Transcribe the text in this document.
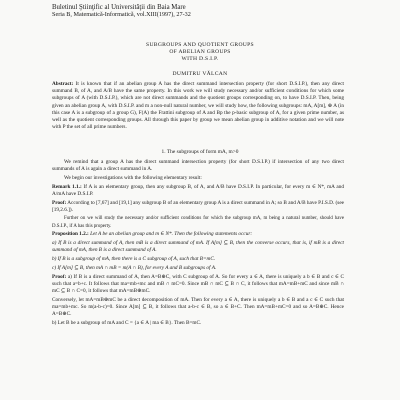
Buletinul Ştiinţific al Universităţii din Baia Mare
Seria B, Matematică-Informatică, vol.XIII(1997), 27-32
SUBGROUPS AND QUOTIENT GROUPS
OF ABELIAN GROUPS
WITH D.S.I.P.
DUMITRU VĂLCAN
Abstract: It is known that if an abelian group A has the direct summand intersection property (for short D.S.I.P.), then any direct summand B, of A, and A/B have the same property. In this work we will study necessary and/or sufficient conditions for which some subgroups of A (with D.S.I.P.), which are not direct summands and the quotient groups corresponding on, to have D.S.I.P. Then, being given an abelian group A, with D.S.I.P. and m a non-null natural number, we will study how, the following subgroups: mA, A[m], ⊕ A (in this case A is a subgroup of a group G), F(A) the Frattini subgroup of A and Bp the p-basic subgroup of A, for a given prime number, as well as the quotient corresponding groups. All through this paper by group we mean abelian group in additive notation and we will note with P the set of all prime numbers.
1. The subgroups of form mA, m>0

We remind that a group A has the direct summand intersection property (for short D.S.I.P.) if intersection of any two direct summands of A is again a direct summand in A.

We begin our investigations with the following elementary result:

Remark 1.1.: If A is an elementary group, then any subgroup B, of A, and A/B have D.S.I.P. In particular, for every m ∈ N*, mA and A/mA have D.S.I.P.

Proof: According to [7,67] and [19,1] any subgroup B of an elementary group A is a direct summand in A; so B and A/B have P.I.S.D. (see [19,2.6.]).

Further on we will study the necessary and/or sufficient conditions for which the subgroup mA, m being a natural number, should have D.S.I.P., if A has this property.

Proposition 1.2.: Let A be an abelian group and m ∈ N*. Then the following statements occur:

a) If B is a direct summand of A, then mB is a direct summand of mA. If A[m] ⊆ B, then the converse occurs, that is, if mB is a direct summand of mA, then B is a direct summand of A.

b) If B is a subgroup of mA, then there is a C subgroup of A, such that B=mC.

c) If A[m] ⊆ B, then mA ∩ mB = m(A ∩ B), for every A and B subgroups of A.

Proof: a) If B is a direct summand of A, then A=B⊕C, with C subgroup of A. So for every a ∈ A, there is uniquely a b ∈ B and c ∈ C such that a=b+c. It follows that ma=mb+mc and mB ∩ mC=0. Since mB ∩ mC ⊆ B ∩ C, it follows that mA=mB+mC and since mB ∩ mC ⊆ B ∩ C=0, it follows that mA=mB⊕mC.

Conversely, let mA=mB⊕mC be a direct decomposition of mA. Then for every a ∈ A, there is uniquely a b ∈ B and a c ∈ C such that ma=mb+mc. So m(a-b-c)=0. Since A[m] ⊆ B, it follows that a-b-c ∈ B, so a ∈ B+C. Then mA=mB+mC=0 and so A=B⊕C. Hence A=B⊕C.

b) Let B be a subgroup of mA and C = {a ∈ A | ma ∈ B}. Then B=mC.
